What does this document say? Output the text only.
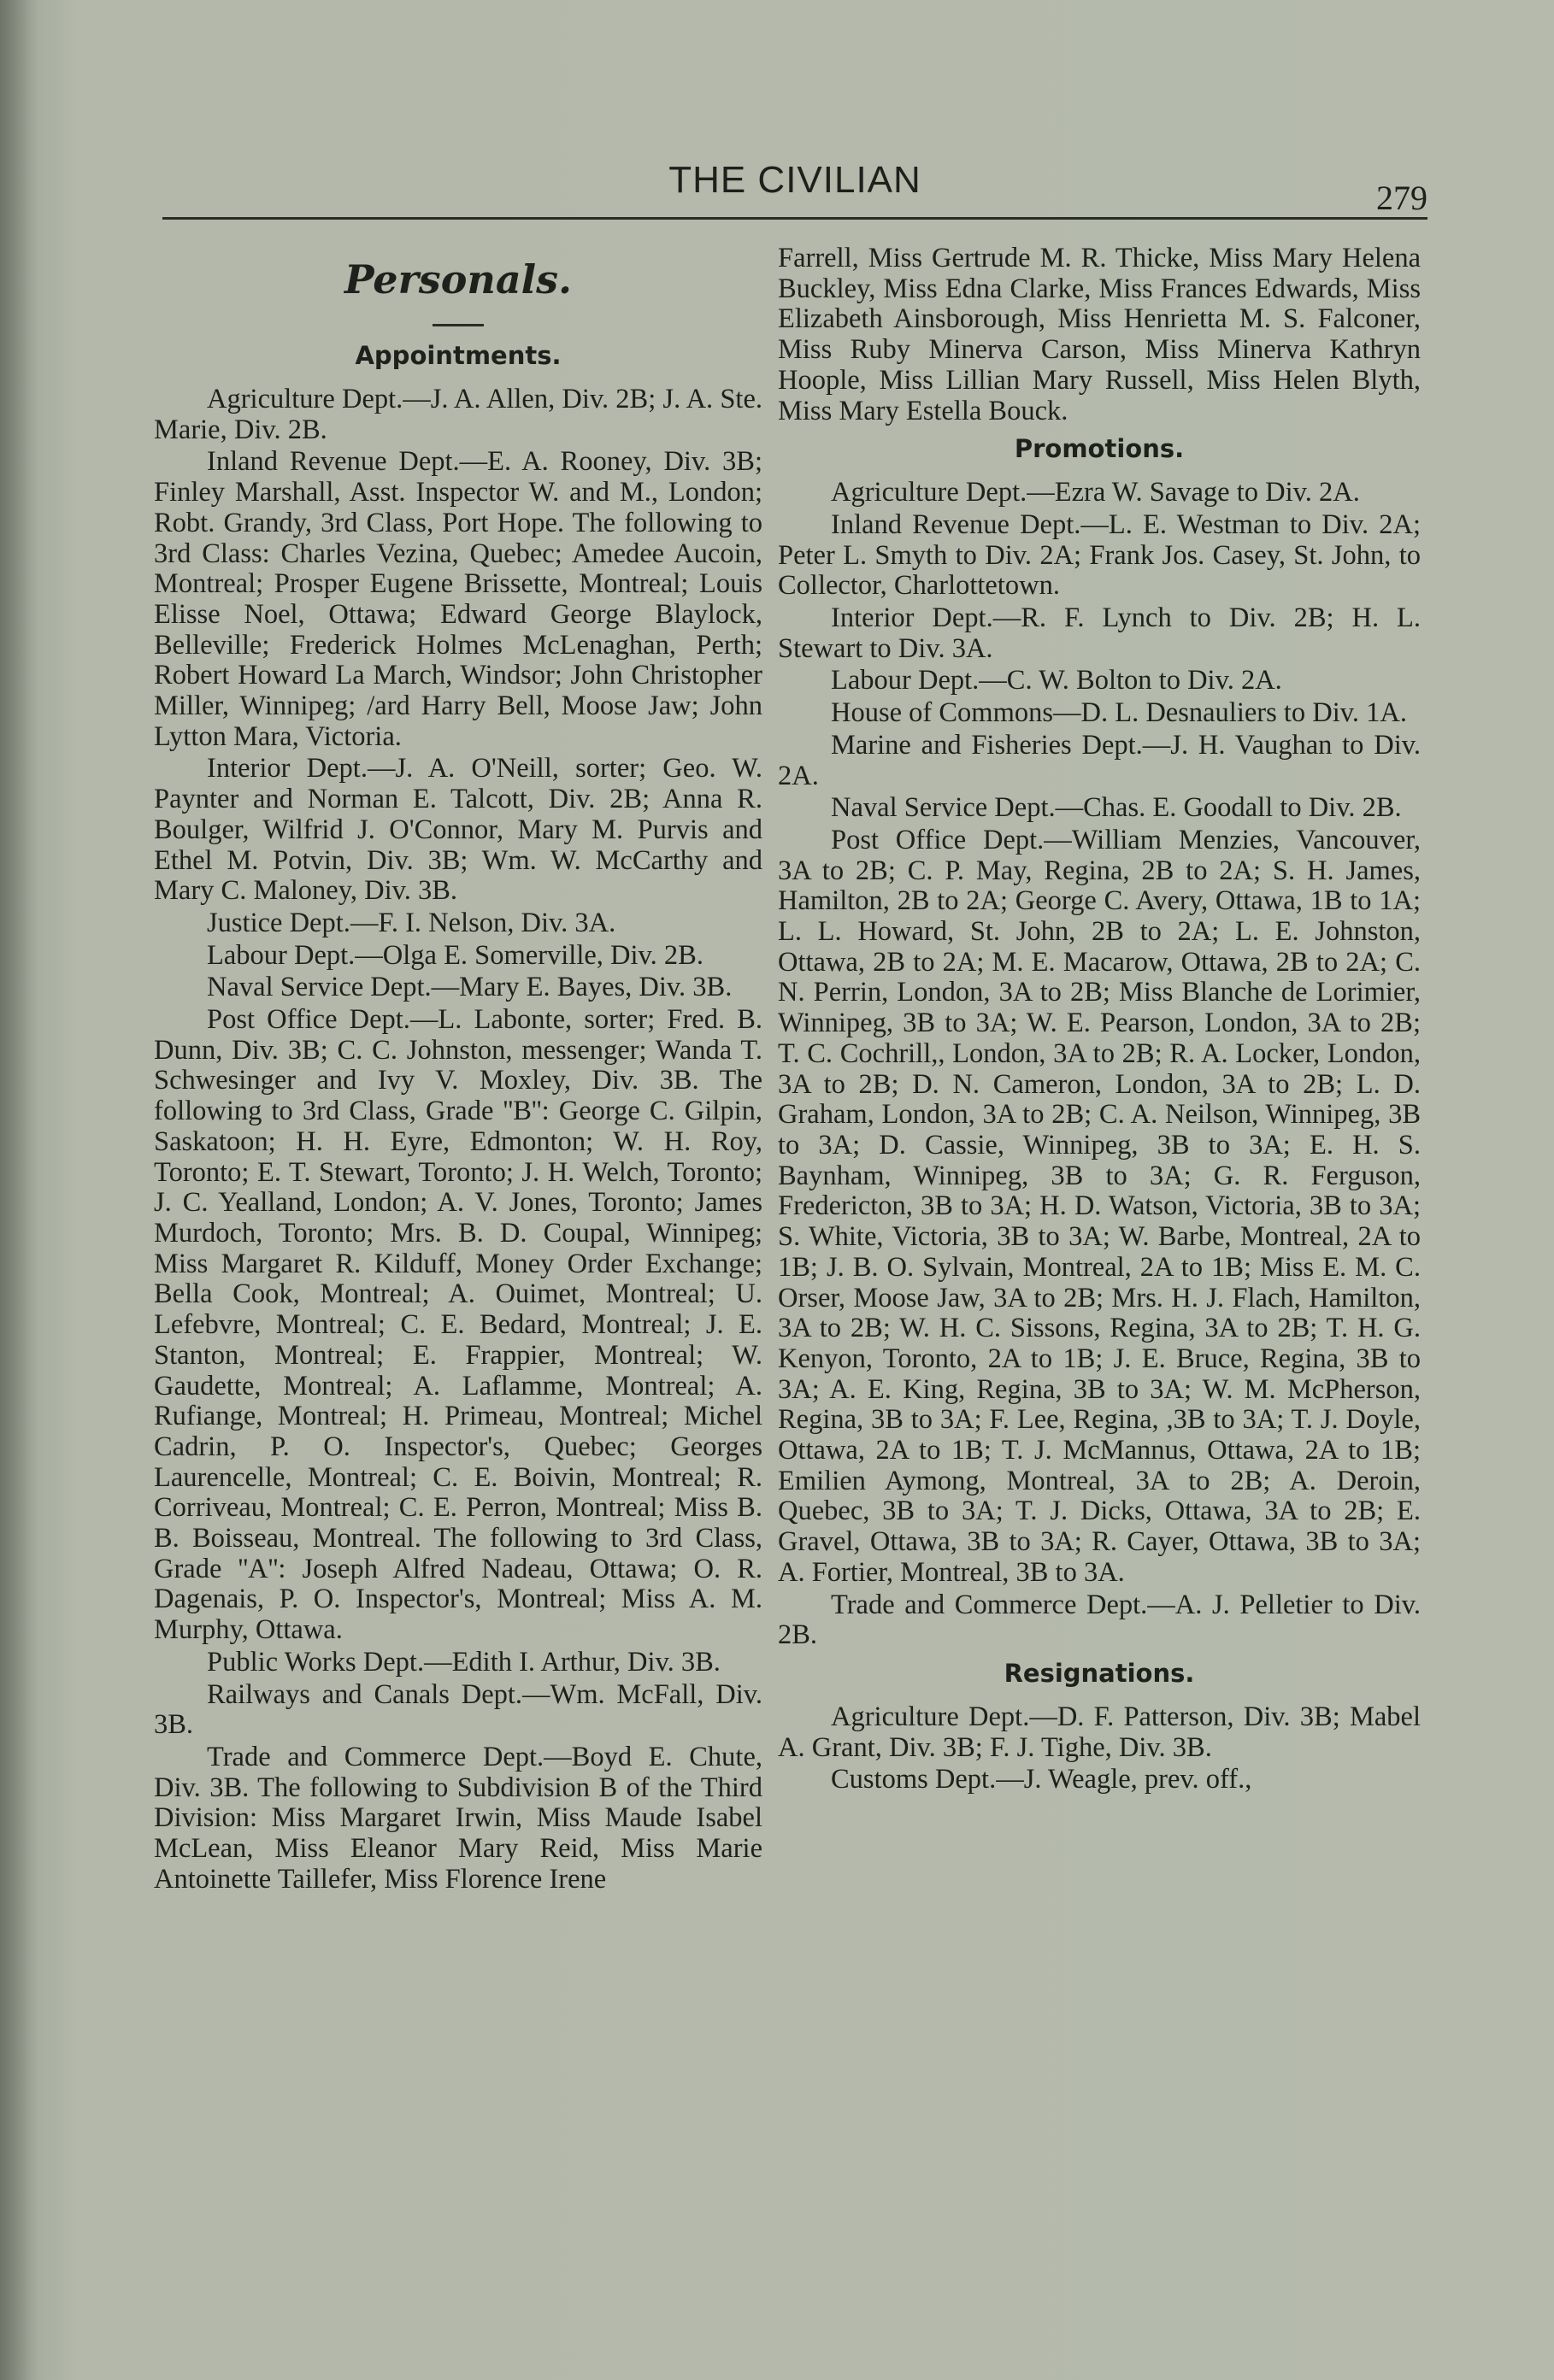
THE CIVILIAN	279
Personals.
Appointments.

Agriculture Dept.—J. A. Allen, Div. 2B; J. A. Ste. Marie, Div. 2B.

Inland Revenue Dept.—E. A. Rooney, Div. 3B; Finley Marshall, Asst. Inspector W. and M., London; Robt. Grandy, 3rd Class, Port Hope. The following to 3rd Class: Charles Vezina, Quebec; Amedee Aucoin, Montreal; Prosper Eugene Brissette, Montreal; Louis Elisse Noel, Ottawa; Edward George Blaylock, Belleville; Frederick Holmes McLenaghan, Perth; Robert Howard La March, Windsor; John Christopher Miller, Winnipeg; /ard Harry Bell, Moose Jaw; John Lytton Mara, Victoria.

Interior Dept.—J. A. O'Neill, sorter; Geo. W. Paynter and Norman E. Talcott, Div. 2B; Anna R. Boulger, Wilfrid J. O'Connor, Mary M. Purvis and Ethel M. Potvin, Div. 3B; Wm. W. McCarthy and Mary C. Maloney, Div. 3B.

Justice Dept.—F. I. Nelson, Div. 3A.

Labour Dept.—Olga E. Somerville, Div. 2B.

Naval Service Dept.—Mary E. Bayes, Div. 3B.

Post Office Dept.—L. Labonte, sorter; Fred. B. Dunn, Div. 3B; C. C. Johnston, messenger; Wanda T. Schwesinger and Ivy V. Moxley, Div. 3B. The following to 3rd Class, Grade ''B'': George C. Gilpin, Saskatoon; H. H. Eyre, Edmonton; W. H. Roy, Toronto; E. T. Stewart, Toronto; J. H. Welch, Toronto; J. C. Yealland, London; A. V. Jones, Toronto; James Murdoch, Toronto; Mrs. B. D. Coupal, Winnipeg; Miss Margaret R. Kilduff, Money Order Exchange; Bella Cook, Montreal; A. Ouimet, Montreal; U. Lefebvre, Montreal; C. E. Bedard, Montreal; J. E. Stanton, Montreal; E. Frappier, Montreal; W. Gaudette, Montreal; A. Laflamme, Montreal; A. Rufiange, Montreal; H. Primeau, Montreal; Michel Cadrin, P. O. Inspector's, Quebec; Georges Laurencelle, Montreal; C. E. Boivin, Montreal; R. Corriveau, Montreal; C. E. Perron, Montreal; Miss B. B. Boisseau, Montreal. The following to 3rd Class, Grade ''A'': Joseph Alfred Nadeau, Ottawa; O. R. Dagenais, P. O. Inspector's, Montreal; Miss A. M. Murphy, Ottawa.

Public Works Dept.—Edith I. Arthur, Div. 3B.

Railways and Canals Dept.—Wm. McFall, Div. 3B.

Trade and Commerce Dept.—Boyd E. Chute, Div. 3B. The following to Subdivision B of the Third Division: Miss Margaret Irwin, Miss Maude Isabel McLean, Miss Eleanor Mary Reid, Miss Marie Antoinette Taillefer, Miss Florence Irene

Farrell, Miss Gertrude M. R. Thicke, Miss Mary Helena Buckley, Miss Edna Clarke, Miss Frances Edwards, Miss Elizabeth Ainsborough, Miss Henrietta M. S. Falconer, Miss Ruby Minerva Carson, Miss Minerva Kathryn Hoople, Miss Lillian Mary Russell, Miss Helen Blyth, Miss Mary Estella Bouck.

Promotions.

Agriculture Dept.—Ezra W. Savage to Div. 2A.

Inland Revenue Dept.—L. E. Westman to Div. 2A; Peter L. Smyth to Div. 2A; Frank Jos. Casey, St. John, to Collector, Charlottetown.

Interior Dept.—R. F. Lynch to Div. 2B; H. L. Stewart to Div. 3A.

Labour Dept.—C. W. Bolton to Div. 2A.

House of Commons—D. L. Desnauliers to Div. 1A.

Marine and Fisheries Dept.—J. H. Vaughan to Div. 2A.

Naval Service Dept.—Chas. E. Goodall to Div. 2B.

Post Office Dept.—William Menzies, Vancouver, 3A to 2B; C. P. May, Regina, 2B to 2A; S. H. James, Hamilton, 2B to 2A; George C. Avery, Ottawa, 1B to 1A; L. L. Howard, St. John, 2B to 2A; L. E. Johnston, Ottawa, 2B to 2A; M. E. Macarow, Ottawa, 2B to 2A; C. N. Perrin, London, 3A to 2B; Miss Blanche de Lorimier, Winnipeg, 3B to 3A; W. E. Pearson, London, 3A to 2B; T. C. Cochrill,, London, 3A to 2B; R. A. Locker, London, 3A to 2B; D. N. Cameron, London, 3A to 2B; L. D. Graham, London, 3A to 2B; C. A. Neilson, Winnipeg, 3B to 3A; D. Cassie, Winnipeg, 3B to 3A; E. H. S. Baynham, Winnipeg, 3B to 3A; G. R. Ferguson, Fredericton, 3B to 3A; H. D. Watson, Victoria, 3B to 3A; S. White, Victoria, 3B to 3A; W. Barbe, Montreal, 2A to 1B; J. B. O. Sylvain, Montreal, 2A to 1B; Miss E. M. C. Orser, Moose Jaw, 3A to 2B; Mrs. H. J. Flach, Hamilton, 3A to 2B; W. H. C. Sissons, Regina, 3A to 2B; T. H. G. Kenyon, Toronto, 2A to 1B; J. E. Bruce, Regina, 3B to 3A; A. E. King, Regina, 3B to 3A; W. M. McPherson, Regina, 3B to 3A; F. Lee, Regina, ,3B to 3A; T. J. Doyle, Ottawa, 2A to 1B; T. J. McMannus, Ottawa, 2A to 1B; Emilien Aymong, Montreal, 3A to 2B; A. Deroin, Quebec, 3B to 3A; T. J. Dicks, Ottawa, 3A to 2B; E. Gravel, Ottawa, 3B to 3A; R. Cayer, Ottawa, 3B to 3A; A. Fortier, Montreal, 3B to 3A.

Trade and Commerce Dept.—A. J. Pelletier to Div. 2B.

Resignations.

Agriculture Dept.—D. F. Patterson, Div. 3B; Mabel A. Grant, Div. 3B; F. J. Tighe, Div. 3B.

Customs Dept.—J. Weagle, prev. off.,
